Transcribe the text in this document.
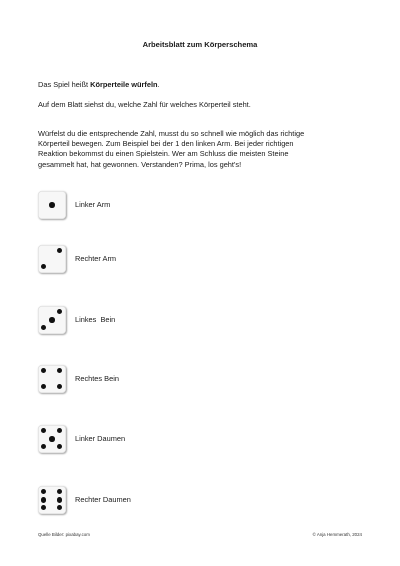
Arbeitsblatt zum Körperschema
Das Spiel heißt Körperteile würfeln.
Auf dem Blatt siehst du, welche Zahl für welches Körperteil steht.
Würfelst du die entsprechende Zahl, musst du so schnell wie möglich das richtige
Körperteil bewegen. Zum Beispiel bei der 1 den linken Arm. Bei jeder richtigen
Reaktion bekommst du einen Spielstein. Wer am Schluss die meisten Steine
gesammelt hat, hat gewonnen. Verstanden? Prima, los geht's!
Linker Arm
Rechter Arm
Linkes  Bein
Rechtes Bein
Linker Daumen
Rechter Daumen
Quelle Bilder: pixabay.com	© Anja Hemmerath, 2024
